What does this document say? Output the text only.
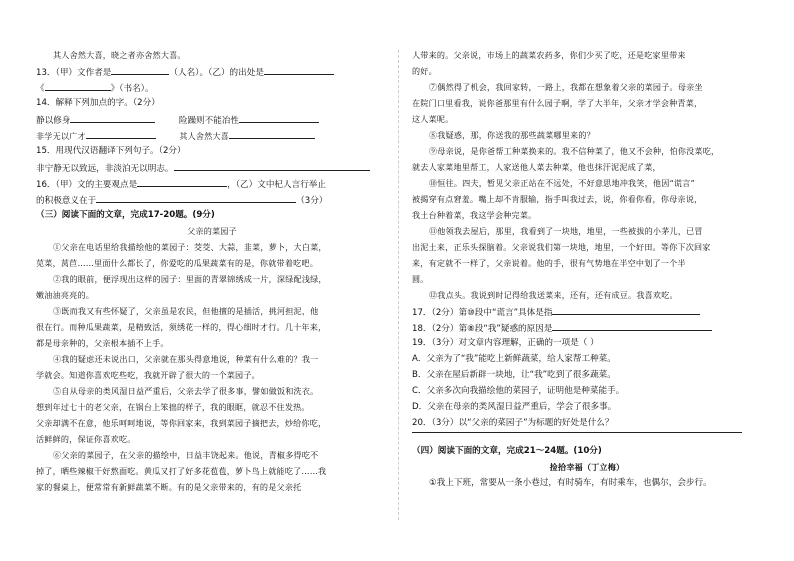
其人舍然大喜，晓之者亦舍然大喜。
13．（甲）文作者是	（人名）。（乙）的出处是
《	》（书名）。
14．解释下列加点的字。（2分）
静以修身	险躁则不能冶性
非学无以广才	其人舍然大喜
15．用现代汉语翻译下列句子。（2分）
非宁静无以致远，非淡泊无以明志。
16．（甲）文的主要观点是	，（乙）文中杞人言行举止
的积极意义在于	（3分）
（三）阅读下面的文章，完成17-20题。(9分)
父亲的菜园子
①父亲在电话里给我描绘他的菜园子：茭茭、大蒜，韭菜，萝卜，大白菜，
苋菜，莴苣……里面什么都长了，你爱吃的瓜果蔬菜有的是，你就带着吃吧。
②我的眼前，便浮现出这样的园子：里面的青翠锦绣成一片，深绿配浅绿，
嫩油油亮亮的。
③既而我又有些怀疑了，父亲虽是农民，但他擅的是插活，挑河担泥，他
很在行。而种瓜果蔬菜，是精致活，须绣花一样的，得心细时才行。几十年来，
都是母亲种的，父亲根本插不上手。
④我的疑虑还未说出口，父亲就在那头得意地说，种菜有什么难的？我一
学就会。知道你喜欢吃些吃，我就开辟了很大的一个菜园子。
⑤自从母亲的类风湿日益严重后，父亲去学了很多事，譬如做饭和洗衣。
想到年过七十的老父亲，在锅台上笨拙的样子，我的眼眶，就忍不住发热。
父亲却满不在意，他乐呵呵地说，等你回家来，我到菜园子摘把去，炒给你吃，
活鲜鲜的，保证你喜欢吃。
⑥父亲的菜园子，在父亲的描绘中，日益丰饶起来。他说，青椒多得吃不
掉了，晒些辣椒干好熬面吃。黄瓜又打了好多花苞苞，萝卜鸟上就能吃了……我
家的餐桌上，便常常有新鲜蔬菜不断。有的是父亲带来的，有的是父亲托
人带来的。父亲说，市场上的蔬菜农药多，你们少买了吃，还是吃家里带来
的好。
⑦偶然得了机会，我回家转，一路上，我都在想象着父亲的菜园子。母亲坐
在院门口里看我，说你爸那里有什么园子啊，学了大半年，父亲才学会种青菜，
这人菜呢。
⑧我疑惑，那，你送我的那些蔬菜哪里来的？
⑨母亲说，是你爸帮工种菜换来的。我不信种菜了，他又不会种，怕你没菜吃，
就去人家菜地里帮工，人家送他人菜去种菜，他也抹汗泥泥成了菜，
⑩恒往。四夫，暂见父亲正站在不远处，不好意思地冲我笑，他因“谎言”
被揭穿有点窘羞。嘴上却不肯服输，指手叫我过去，说，你看你看，你母亲说，
我土台种着菜，我这学会种完菜。
⑪他领我去屋后，那里，我看到了一块地，地里，一些被拔的小茅儿，已冒
出泥土来，正乐头探脑着。父亲说我们第一块地，地里，一个好田。等你下次回家
来，有定就不一样了，父亲说着。他的手，很有气势地在半空中划了一个半
圆。
⑫我点头。我说到时记得给我送菜来，还有，还有成豆。我喜欢吃。
17．（2分）第⑩段中“谎言”具体是指
18．（2分）第⑧段“我”疑惑的原因是
19．（3分）对文章内容理解，正确的一项是（ ）
A．父亲为了“我”能吃上新鲜蔬菜，给人家帮工种菜。
B．父亲在屋后新辟一块地，让“我”吃到了很多蔬菜。
C．父亲多次向我描绘他的菜园子，证明他是种菜能手。
D．父亲在母亲的类风湿日益严重后，学会了很多事。
20．（3分）以“父亲的菜园子”为标题的好处是什么？
（四）阅读下面的文章，完成21～24题。(10分)
捡拾幸福（丁立梅）
①我上下班，常要从一条小巷过，有时骑车，有时乘车，也偶尔，会步行。
